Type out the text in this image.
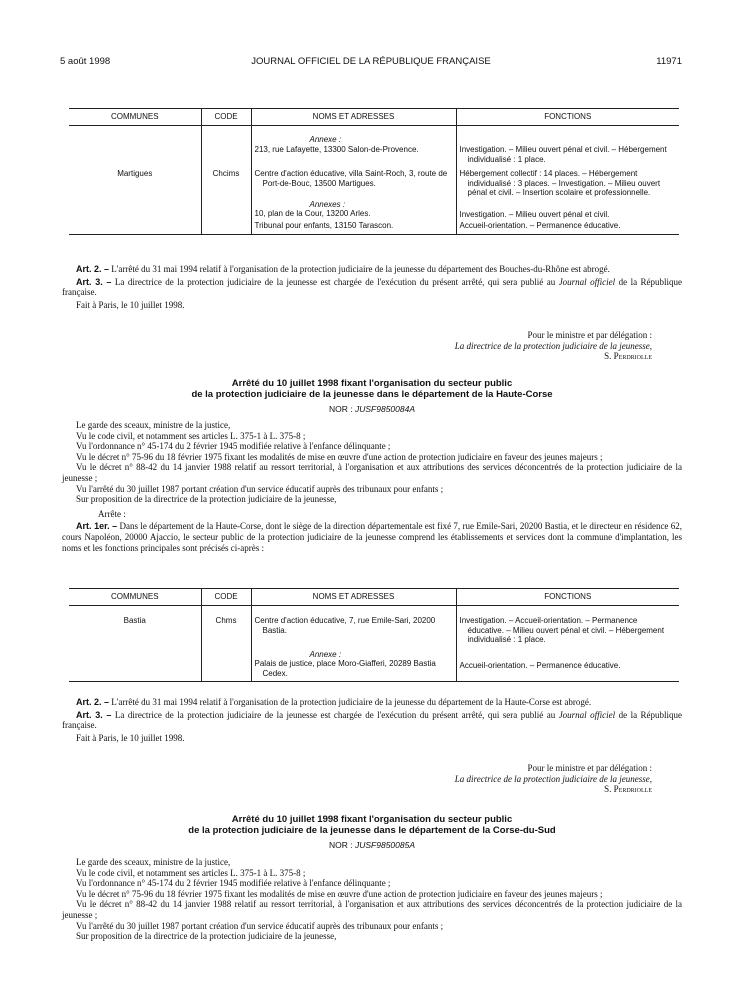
5 août 1998	JOURNAL OFFICIEL DE LA RÉPUBLIQUE FRANÇAISE	11971
COMMUNES	CODE	NOMS ET ADRESSES	FONCTIONS

		Annexe :
213, rue Lafayette, 13300 Salon-de-Provence.	Investigation. – Milieu ouvert pénal et civil. – Hébergement individualisé : 1 place.

Martigues	Chcims	Centre d'action éducative, villa Saint-Roch, 3, route de Port-de-Bouc, 13500 Martigues.	Hébergement collectif : 14 places. – Hébergement individualisé : 3 places. – Investigation. – Milieu ouvert pénal et civil. – Insertion scolaire et professionnelle.

		Annexes :
10, plan de la Cour, 13200 Arles.	Investigation. – Milieu ouvert pénal et civil.

		Tribunal pour enfants, 13150 Tarascon.	Accueil-orientation. – Permanence éducative.

Art. 2. – L'arrêté du 31 mai 1994 relatif à l'organisation de la protection judiciaire de la jeunesse du département des Bouches-du-Rhône est abrogé.

Art. 3. – La directrice de la protection judiciaire de la jeunesse est chargée de l'exécution du présent arrêté, qui sera publié au Journal officiel de la République française.

Fait à Paris, le 10 juillet 1998.

Pour le ministre et par délégation :

La directrice de la protection judiciaire de la jeunesse,

S. Perdriolle

Arrêté du 10 juillet 1998 fixant l'organisation du secteur public

de la protection judiciaire de la jeunesse dans le département de la Haute-Corse

NOR : JUSF9850084A

Le garde des sceaux, ministre de la justice,

Vu le code civil, et notamment ses articles L. 375-1 à L. 375-8 ;

Vu l'ordonnance n° 45-174 du 2 février 1945 modifiée relative à l'enfance délinquante ;

Vu le décret n° 75-96 du 18 février 1975 fixant les modalités de mise en œuvre d'une action de protection judiciaire en faveur des jeunes majeurs ;

Vu le décret n° 88-42 du 14 janvier 1988 relatif au ressort territorial, à l'organisation et aux attributions des services déconcentrés de la protection judiciaire de la jeunesse ;

Vu l'arrêté du 30 juillet 1987 portant création d'un service éducatif auprès des tribunaux pour enfants ;

Sur proposition de la directrice de la protection judiciaire de la jeunesse,

Arrête :

Art. 1er. – Dans le département de la Haute-Corse, dont le siège de la direction départementale est fixé 7, rue Emile-Sari, 20200 Bastia, et le directeur en résidence 62, cours Napoléon, 20000 Ajaccio, le secteur public de la protection judiciaire de la jeunesse comprend les établissements et services dont la commune d'implantation, les noms et les fonctions principales sont précisés ci-après :

COMMUNES	CODE	NOMS ET ADRESSES	FONCTIONS
Bastia	Chms	Centre d'action éducative, 7, rue Emile-Sari, 20200 Bastia.	Investigation. – Accueil-orientation. – Permanence éducative. – Milieu ouvert pénal et civil. – Hébergement individualisé : 1 place.

		Annexe :
Palais de justice, place Moro-Giafferi, 20289 Bastia Cedex.	Accueil-orientation. – Permanence éducative.

Art. 2. – L'arrêté du 31 mai 1994 relatif à l'organisation de la protection judiciaire de la jeunesse du département de la Haute-Corse est abrogé.

Art. 3. – La directrice de la protection judiciaire de la jeunesse est chargée de l'exécution du présent arrêté, qui sera publié au Journal officiel de la République française.

Fait à Paris, le 10 juillet 1998.

Pour le ministre et par délégation :

La directrice de la protection judiciaire de la jeunesse,

S. Perdriolle

Arrêté du 10 juillet 1998 fixant l'organisation du secteur public

de la protection judiciaire de la jeunesse dans le département de la Corse-du-Sud

NOR : JUSF9850085A

Le garde des sceaux, ministre de la justice,

Vu le code civil, et notamment ses articles L. 375-1 à L. 375-8 ;

Vu l'ordonnance n° 45-174 du 2 février 1945 modifiée relative à l'enfance délinquante ;

Vu le décret n° 75-96 du 18 février 1975 fixant les modalités de mise en œuvre d'une action de protection judiciaire en faveur des jeunes majeurs ;

Vu le décret n° 88-42 du 14 janvier 1988 relatif au ressort territorial, à l'organisation et aux attributions des services déconcentrés de la protection judiciaire de la jeunesse ;

Vu l'arrêté du 30 juillet 1987 portant création d'un service éducatif auprès des tribunaux pour enfants ;

Sur proposition de la directrice de la protection judiciaire de la jeunesse,
